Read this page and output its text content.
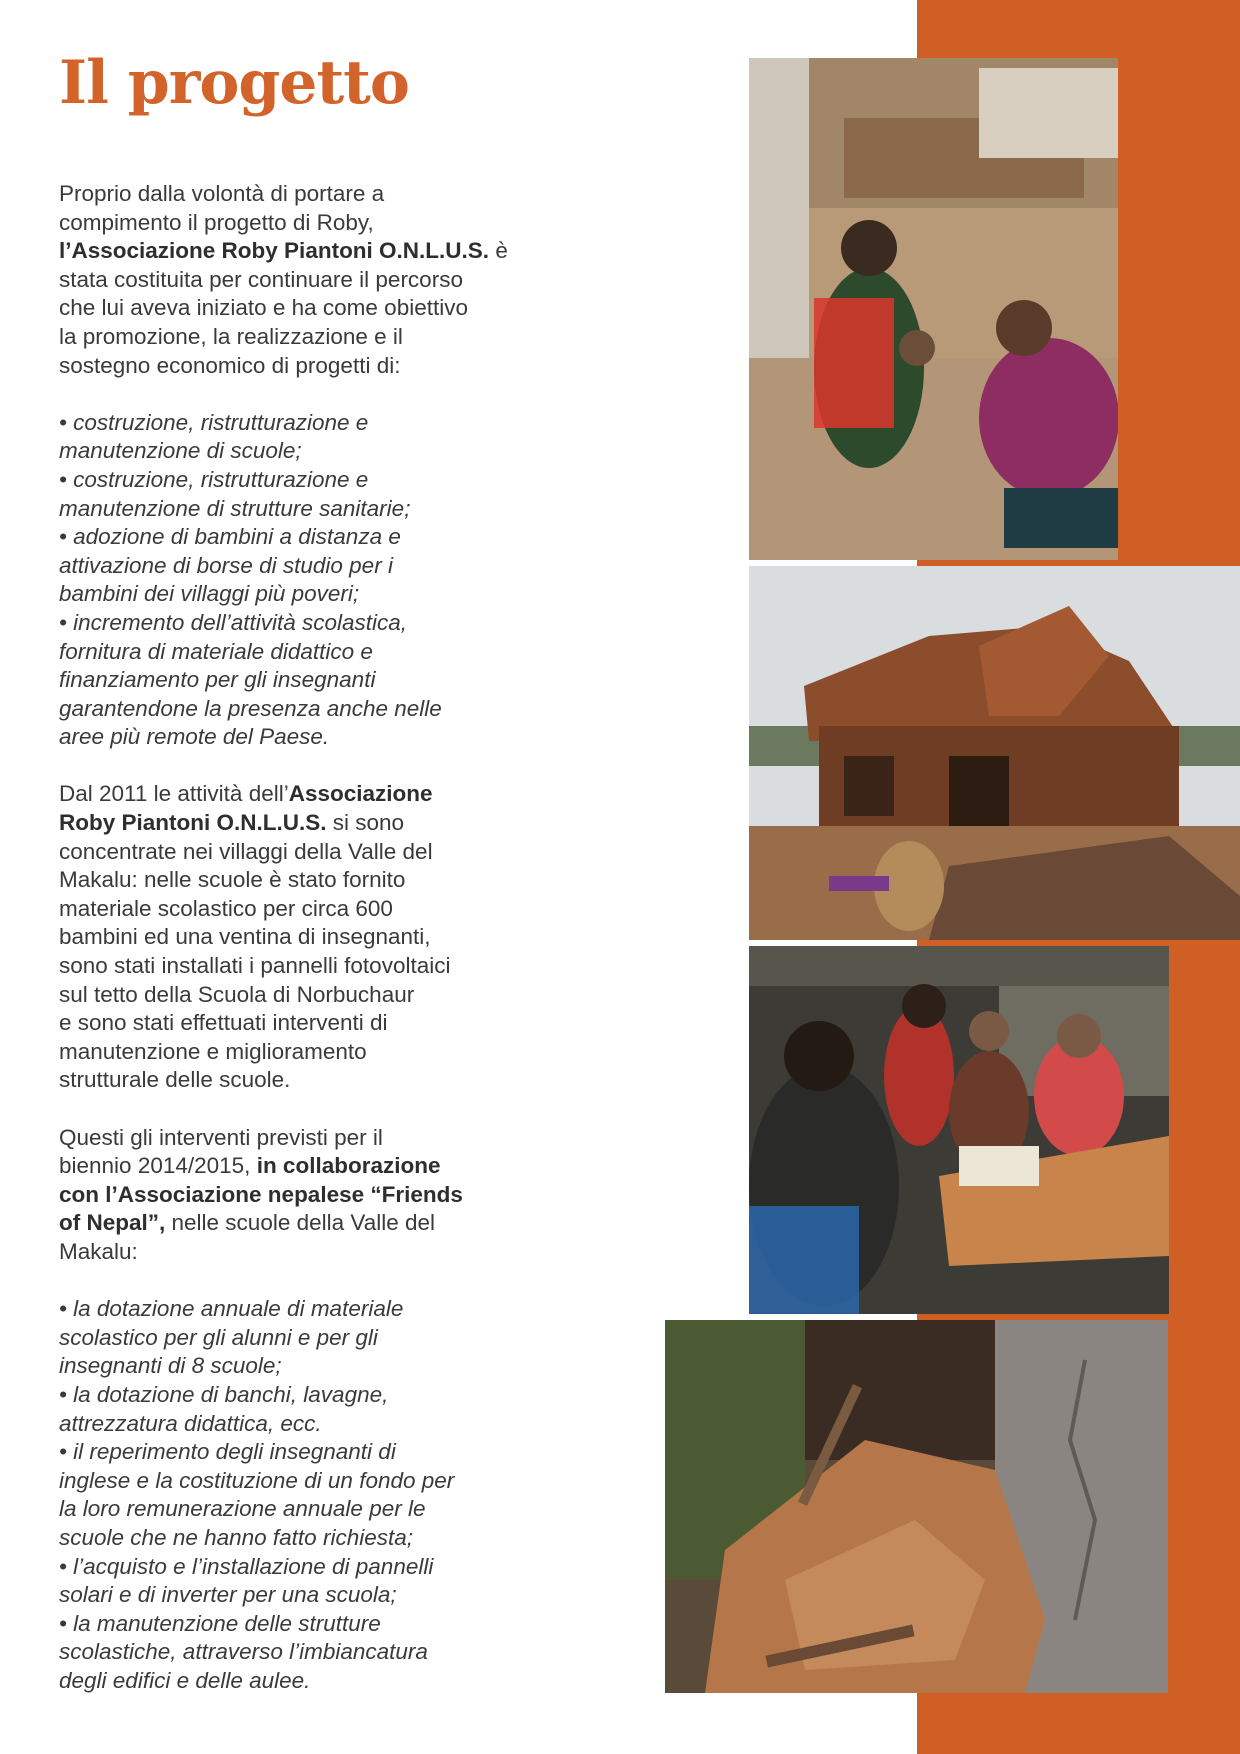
Il progetto

Proprio dalla volontà di portare a
compimento il progetto di Roby,
l’Associazione Roby Piantoni O.N.L.U.S. è
stata costituita per continuare il percorso
che lui aveva iniziato e ha come obiettivo
la promozione, la realizzazione e il
sostegno economico di progetti di:

• costruzione, ristrutturazione e
manutenzione di scuole;
• costruzione, ristrutturazione e
manutenzione di strutture sanitarie;
• adozione di bambini a distanza e
attivazione di borse di studio per i
bambini dei villaggi più poveri;
• incremento dell’attività scolastica,
fornitura di materiale didattico e
finanziamento per gli insegnanti
garantendone la presenza anche nelle
aree più remote del Paese.

Dal 2011 le attività dell’Associazione
Roby Piantoni O.N.L.U.S. si sono
concentrate nei villaggi della Valle del
Makalu: nelle scuole è stato fornito
materiale scolastico per circa 600
bambini ed una ventina di insegnanti,
sono stati installati i pannelli fotovoltaici
sul tetto della Scuola di Norbuchaur
e sono stati effettuati interventi di
manutenzione e miglioramento
strutturale delle scuole.

Questi gli interventi previsti per il
biennio 2014/2015, in collaborazione
con l’Associazione nepalese “Friends
of Nepal”, nelle scuole della Valle del
Makalu:

• la dotazione annuale di materiale
scolastico per gli alunni e per gli
insegnanti di 8 scuole;
• la dotazione di banchi, lavagne,
attrezzatura didattica, ecc.
• il reperimento degli insegnanti di
inglese e la costituzione di un fondo per
la loro remunerazione annuale per le
scuole che ne hanno fatto richiesta;
• l’acquisto e l’installazione di pannelli
solari e di inverter per una scuola;
• la manutenzione delle strutture
scolastiche, attraverso l’imbiancatura
degli edifici e delle aulee.
